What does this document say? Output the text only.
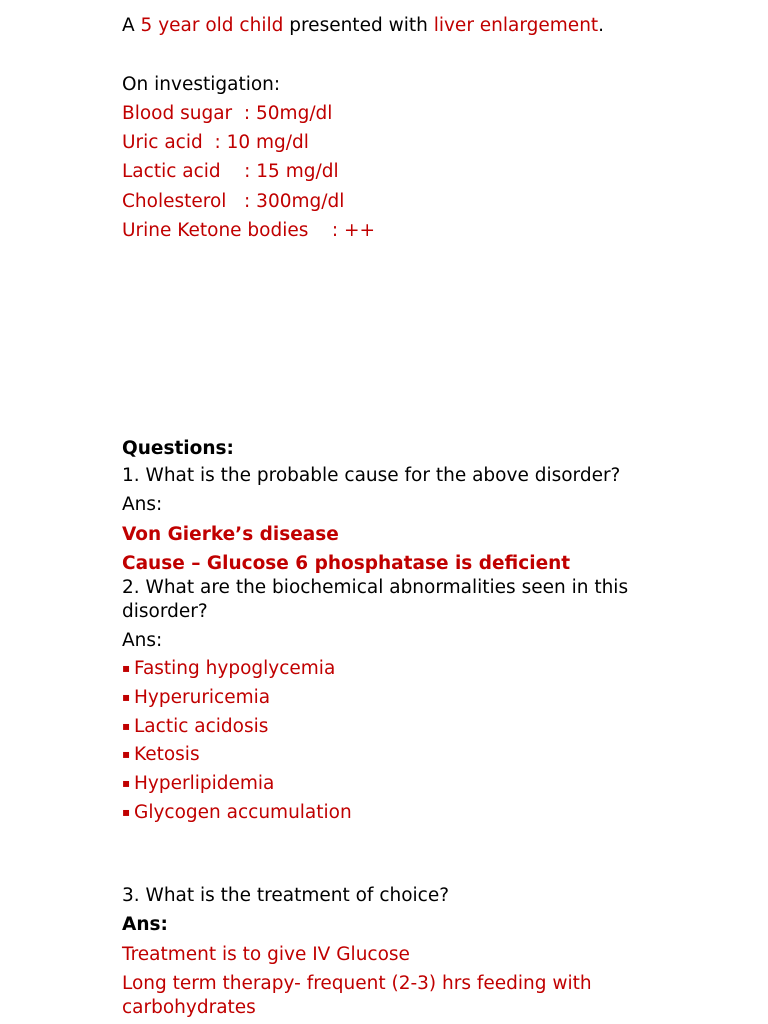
A 5 year old child presented with liver enlargement.
On investigation:
Blood sugar  : 50mg/dl
Uric acid  : 10 mg/dl
Lactic acid    : 15 mg/dl
Cholesterol   : 300mg/dl
Urine Ketone bodies    : ++
Questions:
1. What is the probable cause for the above disorder?
Ans:
Von Gierke’s disease
Cause – Glucose 6 phosphatase is deficient
2. What are the biochemical abnormalities seen in this disorder?
Ans:
▪ Fasting hypoglycemia
▪ Hyperuricemia
▪ Lactic acidosis
▪ Ketosis
▪ Hyperlipidemia
▪ Glycogen accumulation
3. What is the treatment of choice?
Ans:
Treatment is to give IV Glucose
Long term therapy- frequent (2-3) hrs feeding with carbohydrates
